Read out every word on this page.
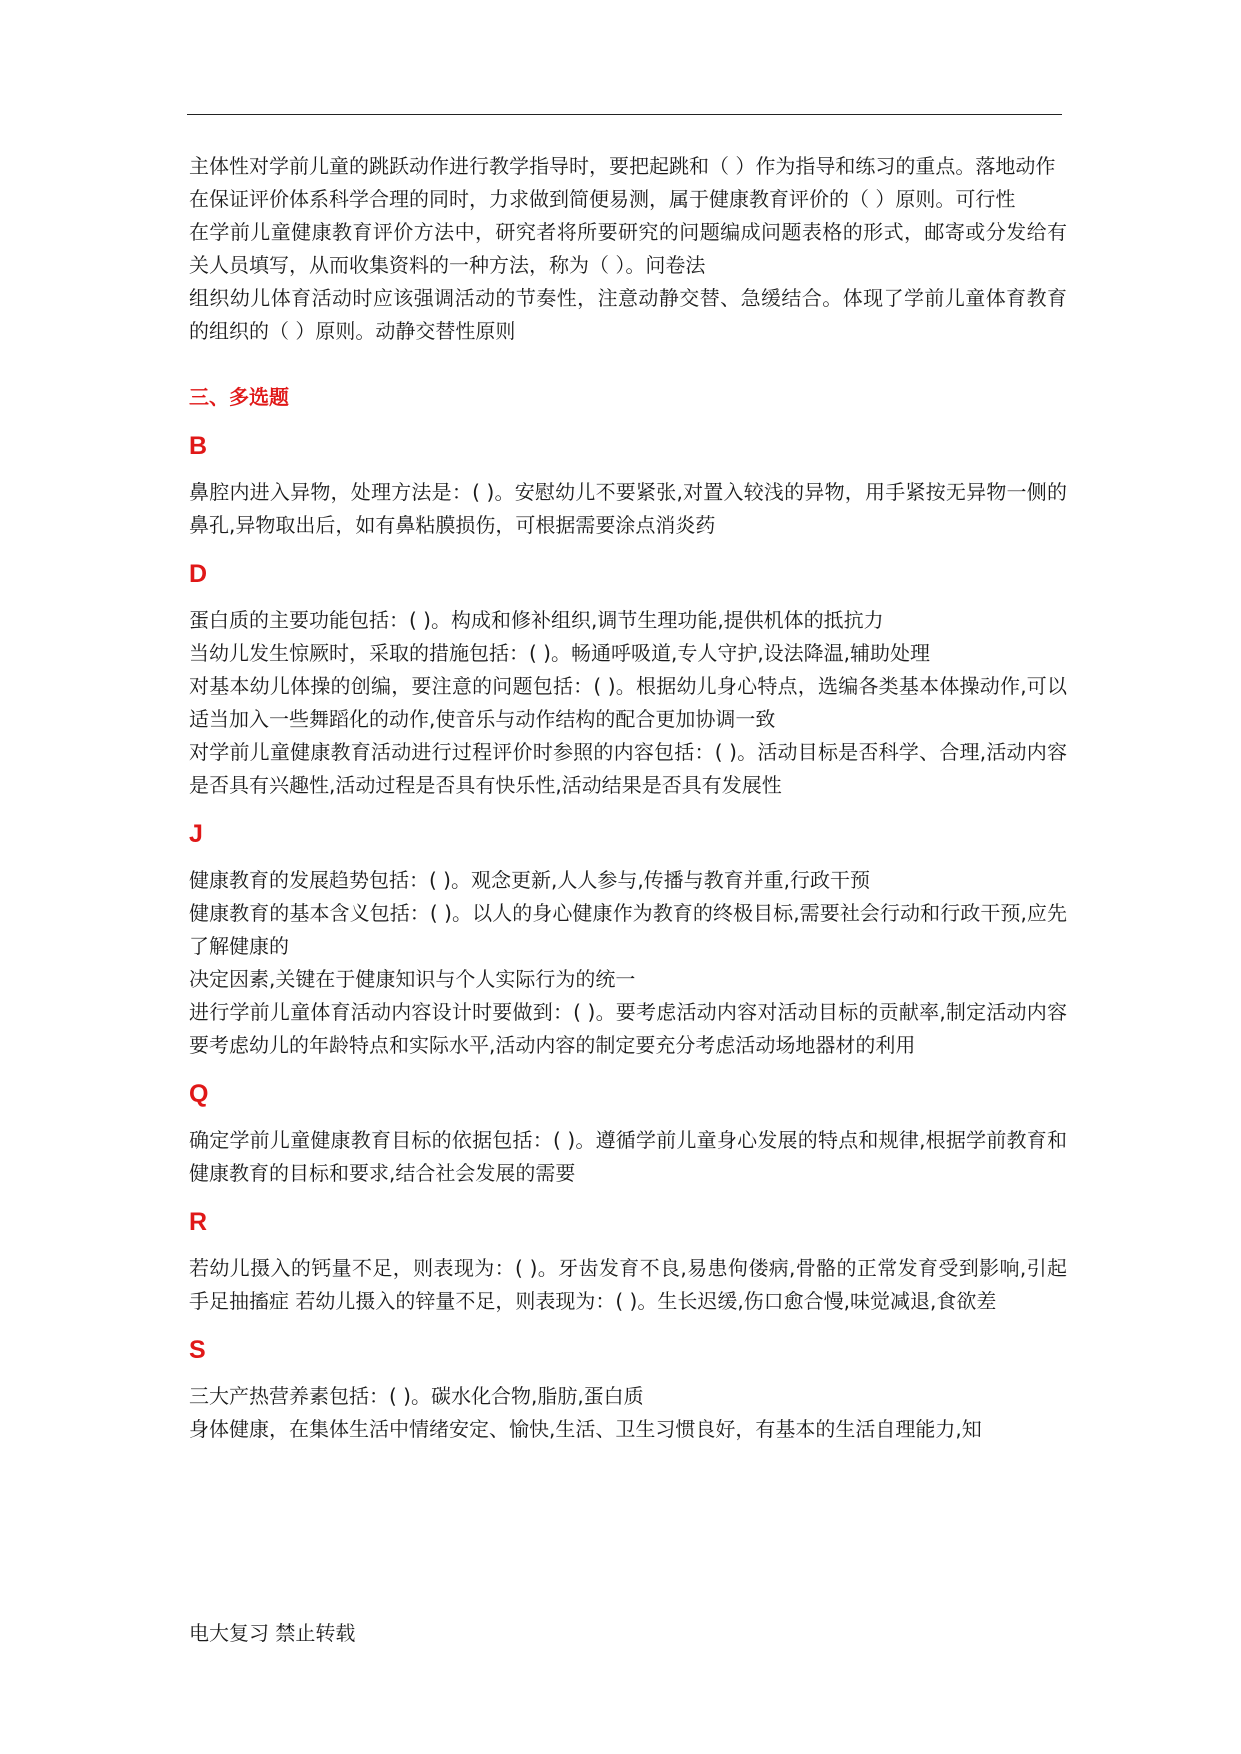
主体性对学前儿童的跳跃动作进行教学指导时，要把起跳和（ ）作为指导和练习的重点。落地动作

在保证评价体系科学合理的同时，力求做到简便易测，属于健康教育评价的（ ）原则。可行性

在学前儿童健康教育评价方法中，研究者将所要研究的问题编成问题表格的形式，邮寄或分发给有关人员填写，从而收集资料的一种方法，称为（ ）。问卷法

组织幼儿体育活动时应该强调活动的节奏性，注意动静交替、急缓结合。体现了学前儿童体育教育的组织的（ ）原则。动静交替性原则

三、多选题
B

鼻腔内进入异物，处理方法是：( )。安慰幼儿不要紧张,对置入较浅的异物，用手紧按无异物一侧的鼻孔,异物取出后，如有鼻粘膜损伤，可根据需要涂点消炎药

D

蛋白质的主要功能包括：( )。构成和修补组织,调节生理功能,提供机体的抵抗力

当幼儿发生惊厥时，采取的措施包括：( )。畅通呼吸道,专人守护,设法降温,辅助处理

对基本幼儿体操的创编，要注意的问题包括：( )。根据幼儿身心特点，选编各类基本体操动作,可以适当加入一些舞蹈化的动作,使音乐与动作结构的配合更加协调一致

对学前儿童健康教育活动进行过程评价时参照的内容包括：( )。活动目标是否科学、合理,活动内容是否具有兴趣性,活动过程是否具有快乐性,活动结果是否具有发展性

J

健康教育的发展趋势包括：( )。观念更新,人人参与,传播与教育并重,行政干预

健康教育的基本含义包括：( )。以人的身心健康作为教育的终极目标,需要社会行动和行政干预,应先了解健康的

决定因素,关键在于健康知识与个人实际行为的统一

进行学前儿童体育活动内容设计时要做到：( )。要考虑活动内容对活动目标的贡献率,制定活动内容要考虑幼儿的年龄特点和实际水平,活动内容的制定要充分考虑活动场地器材的利用

Q

确定学前儿童健康教育目标的依据包括：( )。遵循学前儿童身心发展的特点和规律,根据学前教育和健康教育的目标和要求,结合社会发展的需要

R

若幼儿摄入的钙量不足，则表现为：( )。牙齿发育不良,易患佝偻病,骨骼的正常发育受到影响,引起手足抽搐症 若幼儿摄入的锌量不足，则表现为：( )。生长迟缓,伤口愈合慢,味觉减退,食欲差

S

三大产热营养素包括：( )。碳水化合物,脂肪,蛋白质

身体健康，在集体生活中情绪安定、愉快,生活、卫生习惯良好，有基本的生活自理能力,知

电大复习 禁止转载
